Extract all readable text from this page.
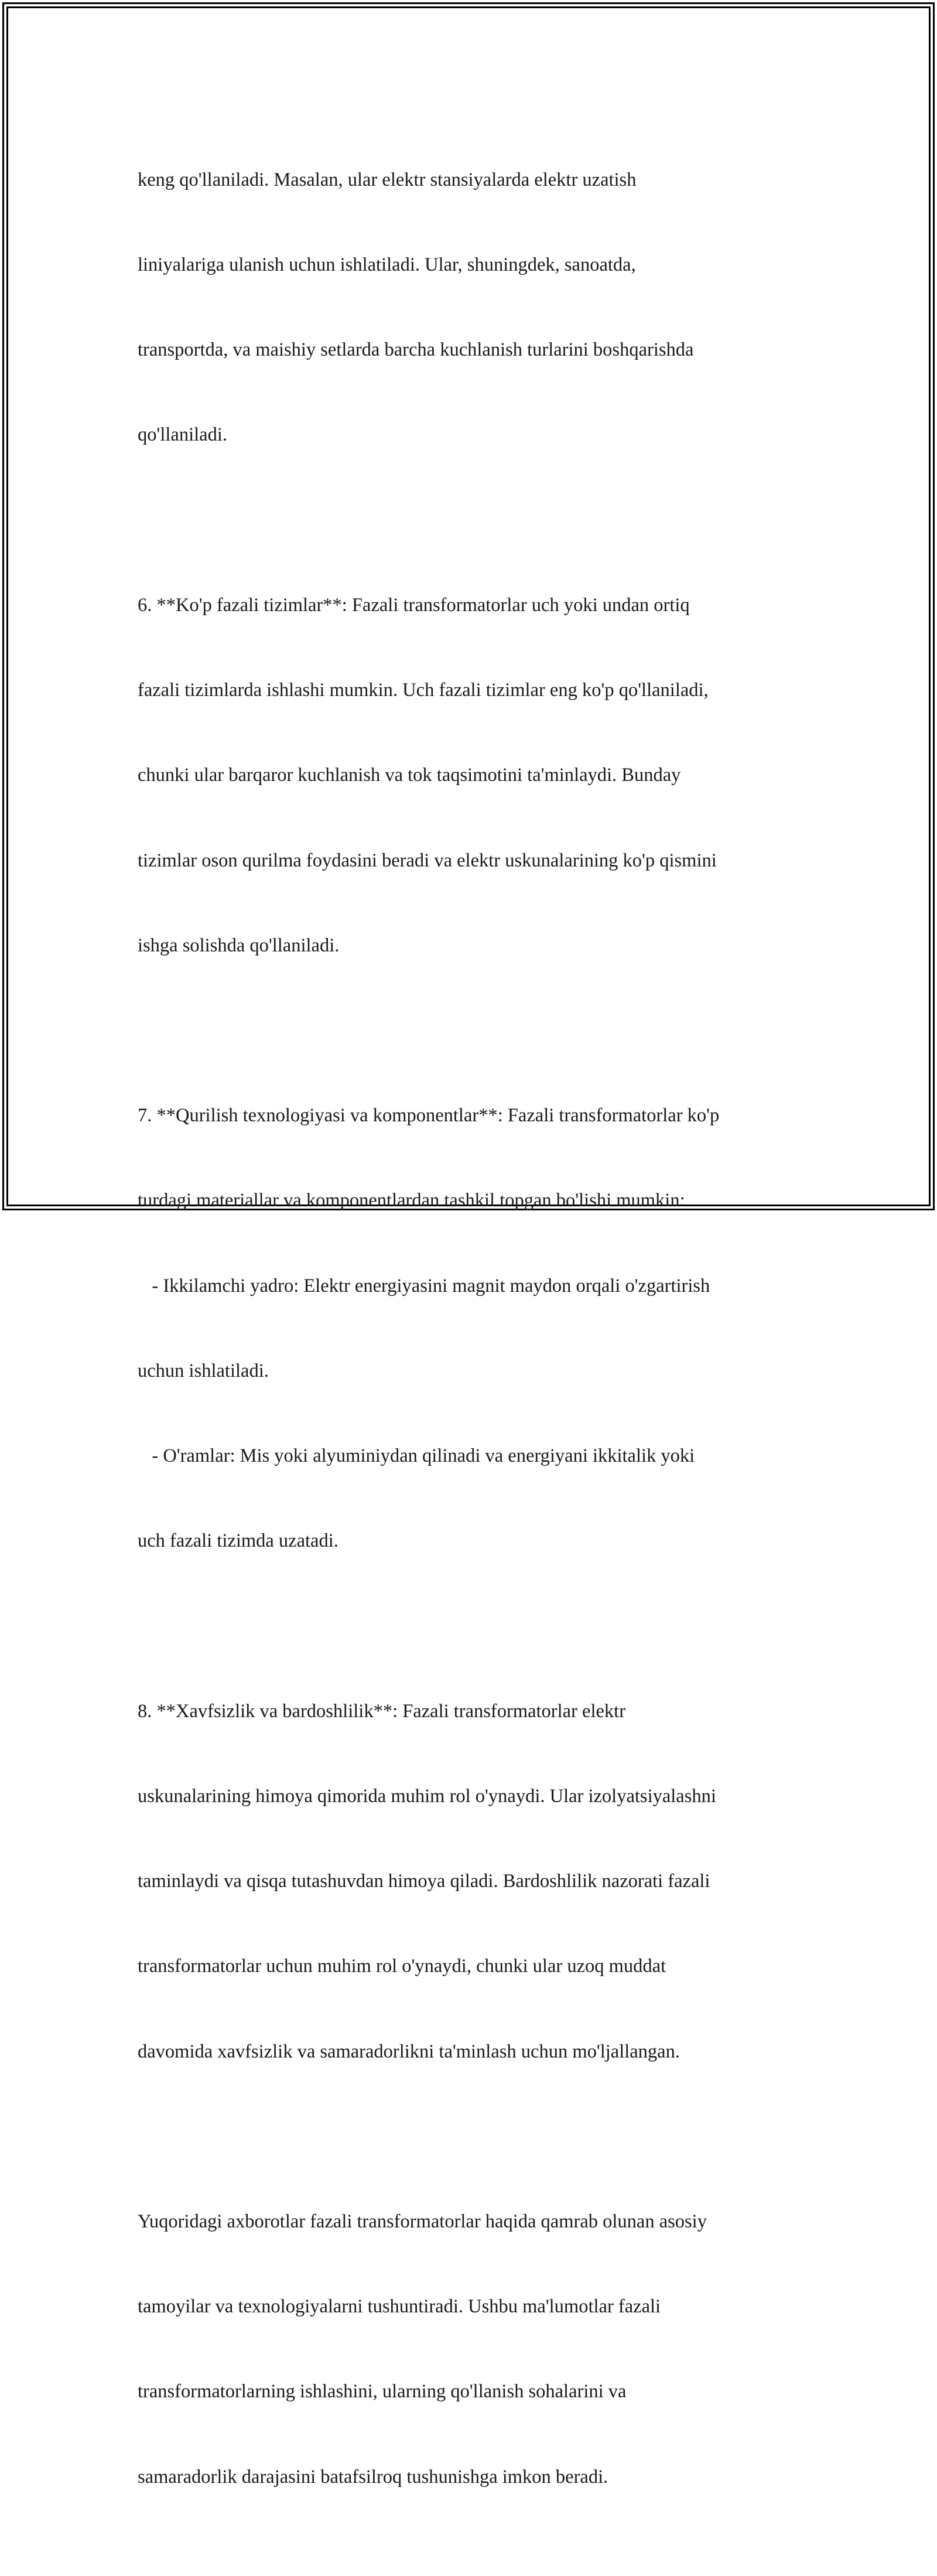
keng qo'llaniladi. Masalan, ular elektr stansiyalarda elektr uzatish

liniyalariga ulanish uchun ishlatiladi. Ular, shuningdek, sanoatda,

transportda, va maishiy setlarda barcha kuchlanish turlarini boshqarishda

qo'llaniladi.

6. **Ko'p fazali tizimlar**: Fazali transformatorlar uch yoki undan ortiq

fazali tizimlarda ishlashi mumkin. Uch fazali tizimlar eng ko'p qo'llaniladi,

chunki ular barqaror kuchlanish va tok taqsimotini ta'minlaydi. Bunday

tizimlar oson qurilma foydasini beradi va elektr uskunalarining ko'p qismini

ishga solishda qo'llaniladi.

7. **Qurilish texnologiyasi va komponentlar**: Fazali transformatorlar ko'p

turdagi materiallar va komponentlardan tashkil topgan bo'lishi mumkin:

- Ikkilamchi yadro: Elektr energiyasini magnit maydon orqali o'zgartirish

uchun ishlatiladi.

- O'ramlar: Mis yoki alyuminiydan qilinadi va energiyani ikkitalik yoki

uch fazali tizimda uzatadi.

8. **Xavfsizlik va bardoshlilik**: Fazali transformatorlar elektr

uskunalarining himoya qimorida muhim rol o'ynaydi. Ular izolyatsiyalashni

taminlaydi va qisqa tutashuvdan himoya qiladi. Bardoshlilik nazorati fazali

transformatorlar uchun muhim rol o'ynaydi, chunki ular uzoq muddat

davomida xavfsizlik va samaradorlikni ta'minlash uchun mo'ljallangan.

Yuqoridagi axborotlar fazali transformatorlar haqida qamrab olunan asosiy

tamoyilar va texnologiyalarni tushuntiradi. Ushbu ma'lumotlar fazali

transformatorlarning ishlashini, ularning qo'llanish sohalarini va

samaradorlik darajasini batafsilroq tushunishga imkon beradi.
